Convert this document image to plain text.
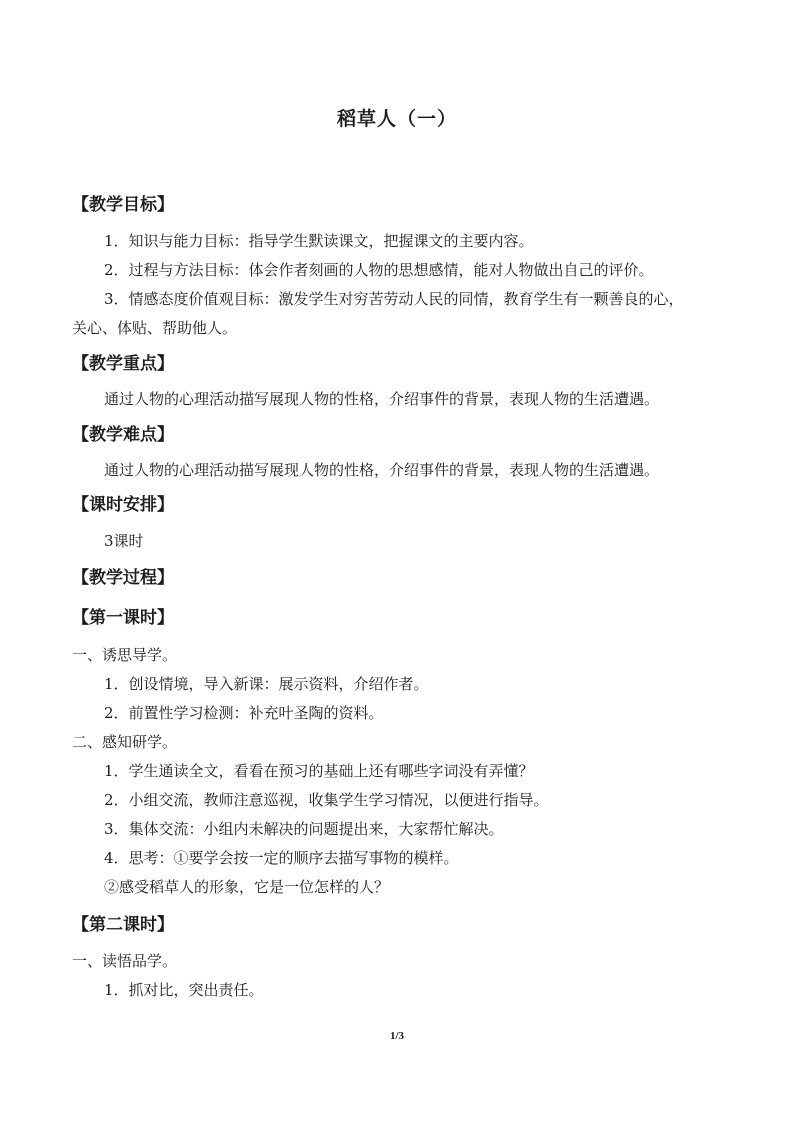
稻草人（一）
【教学目标】
1．知识与能力目标：指导学生默读课文，把握课文的主要内容。
2．过程与方法目标：体会作者刻画的人物的思想感情，能对人物做出自己的评价。
3．情感态度价值观目标：激发学生对穷苦劳动人民的同情，教育学生有一颗善良的心，
关心、体贴、帮助他人。
【教学重点】
通过人物的心理活动描写展现人物的性格，介绍事件的背景，表现人物的生活遭遇。
【教学难点】
通过人物的心理活动描写展现人物的性格，介绍事件的背景，表现人物的生活遭遇。
【课时安排】
3课时
【教学过程】
【第一课时】
一、诱思导学。
1．创设情境，导入新课：展示资料，介绍作者。
2．前置性学习检测：补充叶圣陶的资料。
二、感知研学。
1．学生通读全文，看看在预习的基础上还有哪些字词没有弄懂？
2．小组交流，教师注意巡视，收集学生学习情况，以便进行指导。
3．集体交流：小组内未解决的问题提出来，大家帮忙解决。
4．思考：①要学会按一定的顺序去描写事物的模样。
②感受稻草人的形象，它是一位怎样的人？
【第二课时】
一、读悟品学。
1．抓对比，突出责任。
1/3
